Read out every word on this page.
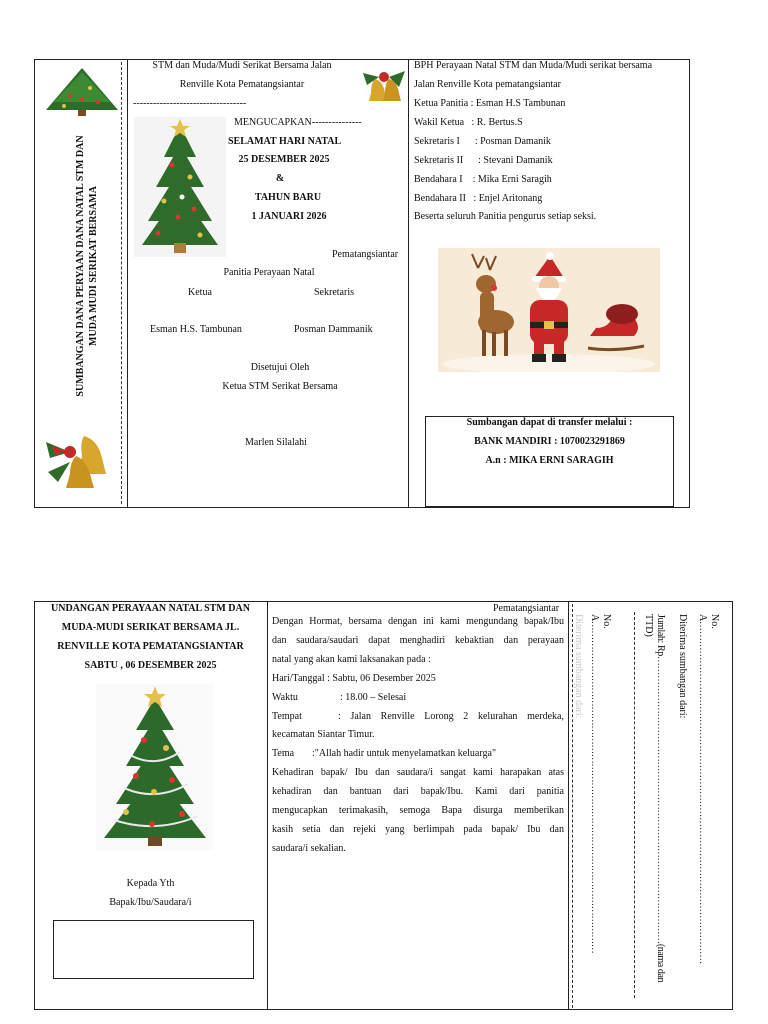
SUMBANGAN DANA PERYAAN DANA NATAL STM DAN MUDA MUDI SERIKAT BERSAMA
STM dan Muda/Mudi Serikat Bersama Jalan
Renville Kota Pematangsiantar
----------------------------------
MENGUCAPKAN---------------
SELAMAT HARI NATAL
25 DESEMBER 2025
&
TAHUN BARU
1 JANUARI 2026
Pematangsiantar
Panitia Perayaan Natal
Ketua	Sekretaris
Esman H.S. Tambunan	Posman Dammanik
Disetujui Oleh
Ketua STM Serikat Bersama
Marlen Silalahi
BPH Perayaan Natal STM dan Muda/Mudi serikat bersama
Jalan Renville Kota pematangsiantar
Ketua Panitia : Esman H.S Tambunan
Wakil Ketua   : R. Bertus.S
Sekretaris I      : Posman Damanik
Sekretaris II      : Stevani Damanik
Bendahara I    : Mika Erni Saragih
Bendahara II   : Enjel Aritonang
Beserta seluruh Panitia pengurus setiap seksi.
Sumbangan dapat di transfer melalui :
BANK MANDIRI : 1070023291869
A.n : MIKA ERNI SARAGIH
UNDANGAN PERAYAAN NATAL STM DAN
MUDA-MUDI SERIKAT BERSAMA JL.
RENVILLE KOTA PEMATANGSIANTAR
SABTU , 06 DESEMBER 2025
Kepada Yth
Bapak/Ibu/Saudara/i
Pematangsiantar
Dengan Hormat, bersama dengan ini kami mengundang bapak/Ibu
dan saudara/saudari dapat menghadiri kebaktian dan perayaan
natal yang akan kami laksanakan pada :
Hari/Tanggal : Sabtu, 06 Desember 2025
Waktu	: 18.00 – Selesai
Tempat	: Jalan Renville Lorong 2 kelurahan merdeka,
kecamatan Siantar Timur.
Tema :"Allah hadir untuk menyelamatkan keluarga"
Kehadiran bapak/ Ibu dan saudara/i sangat kami harapakan atas
kehadiran dan bantuan dari bapak/Ibu. Kami dari panitia
mengucapkan terimakasih, semoga Bapa disurga memberikan
kasih setia dan rejeki yang berlimpah pada bapak/ Ibu dan
saudara/i sekalian.
No.
A……………………………………………………………………………………………
Diterima sumbangan dari:
Jumlah: Rp………………………………………………………………………………(nama dan
TTD)
No.
A……………………………………………………………………………………………
Diterima sumbangan dari:
